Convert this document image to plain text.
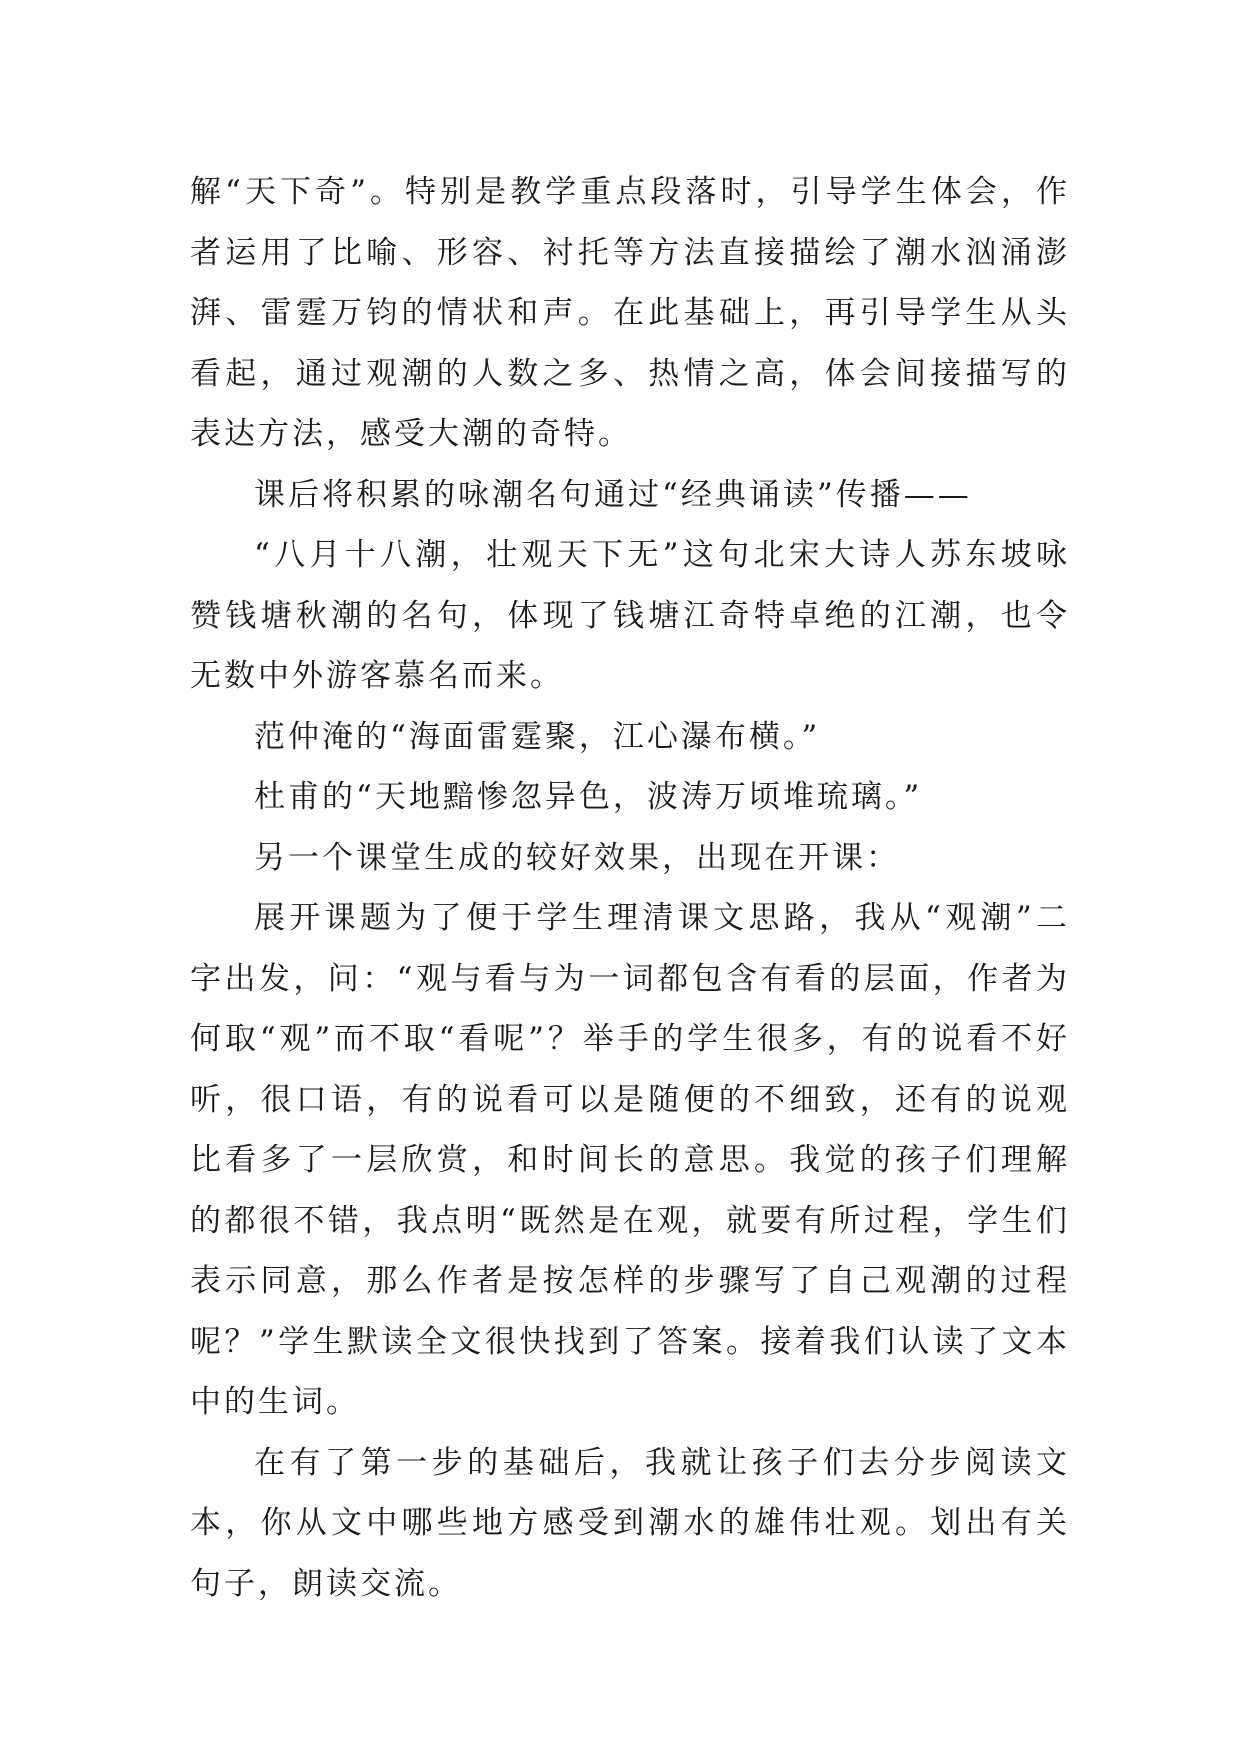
解“天下奇”。特别是教学重点段落时，引导学生体会，作者运用了比喻、形容、衬托等方法直接描绘了潮水汹涌澎湃、雷霆万钧的情状和声。在此基础上，再引导学生从头看起，通过观潮的人数之多、热情之高，体会间接描写的表达方法，感受大潮的奇特。

课后将积累的咏潮名句通过“经典诵读”传播——

“八月十八潮，壮观天下无”这句北宋大诗人苏东坡咏赞钱塘秋潮的名句，体现了钱塘江奇特卓绝的江潮，也令无数中外游客慕名而来。

范仲淹的“海面雷霆聚，江心瀑布横。”

杜甫的“天地黯惨忽异色，波涛万顷堆琉璃。”

另一个课堂生成的较好效果，出现在开课：

展开课题为了便于学生理清课文思路，我从“观潮”二字出发，问：“观与看与为一词都包含有看的层面，作者为何取“观”而不取“看呢”？举手的学生很多，有的说看不好听，很口语，有的说看可以是随便的不细致，还有的说观比看多了一层欣赏，和时间长的意思。我觉的孩子们理解的都很不错，我点明“既然是在观，就要有所过程，学生们表示同意，那么作者是按怎样的步骤写了自己观潮的过程呢？”学生默读全文很快找到了答案。接着我们认读了文本中的生词。

在有了第一步的基础后，我就让孩子们去分步阅读文本，你从文中哪些地方感受到潮水的雄伟壮观。划出有关句子，朗读交流。
